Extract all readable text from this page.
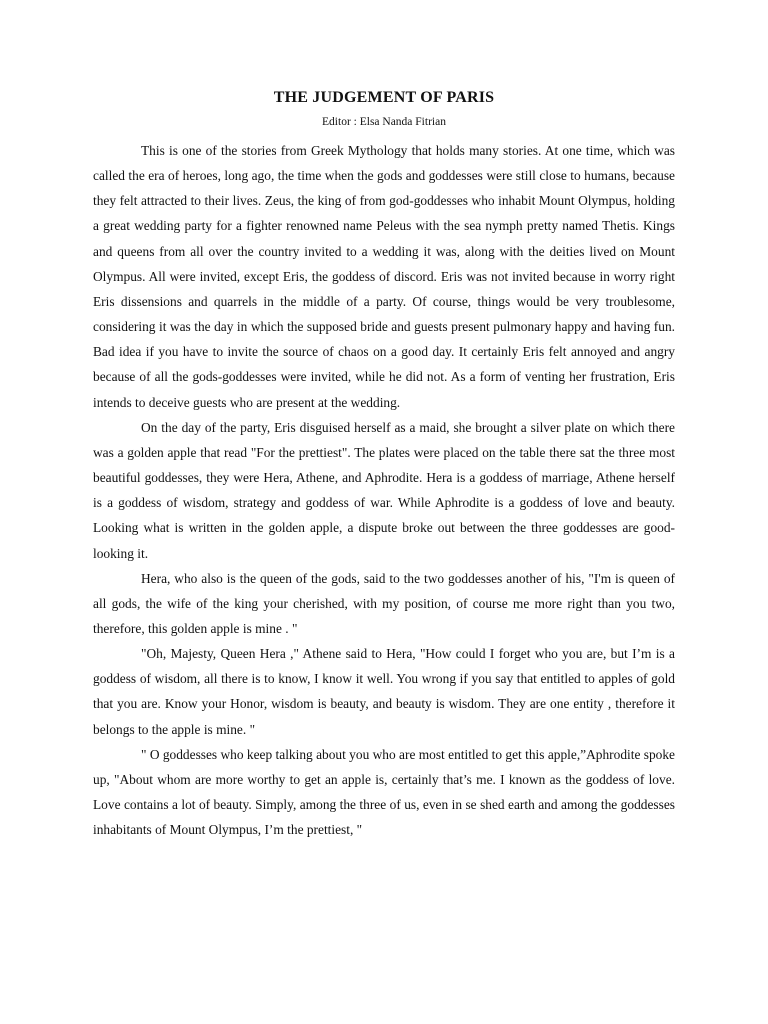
THE JUDGEMENT OF PARIS
Editor : Elsa Nanda Fitrian

This is one of the stories from Greek Mythology that holds many stories. At one time, which was called the era of heroes, long ago, the time when the gods and goddesses were still close to humans, because they felt attracted to their lives. Zeus, the king of from god-goddesses who inhabit Mount Olympus, holding a great wedding party for a fighter renowned name Peleus with the sea nymph pretty named Thetis. Kings and queens from all over the country invited to a wedding it was, along with the deities lived on Mount Olympus. All were invited, except Eris, the goddess of discord. Eris was not invited because in worry right Eris dissensions and quarrels in the middle of a party. Of course, things would be very troublesome, considering it was the day in which the supposed bride and guests present pulmonary happy and having fun. Bad idea if you have to invite the source of chaos on a good day. It certainly Eris felt annoyed and angry because of all the gods-goddesses were invited, while he did not. As a form of venting her frustration, Eris intends to deceive guests who are present at the wedding.

On the day of the party, Eris disguised herself as a maid, she brought a silver plate on which there was a golden apple that read "For the prettiest". The plates were placed on the table there sat the three most beautiful goddesses, they were Hera, Athene, and Aphrodite. Hera is a goddess of marriage, Athene herself is a goddess of wisdom, strategy and goddess of war. While Aphrodite is a goddess of love and beauty. Looking what is written in the golden apple, a dispute broke out between the three goddesses are good-looking it.

Hera, who also is the queen of the gods, said to the two goddesses another of his, "I'm is queen of all gods, the wife of the king your cherished, with my position, of course me more right than you two, therefore, this golden apple is mine . "

"Oh, Majesty, Queen Hera ," Athene said to Hera, "How could I forget who you are, but I’m is a goddess of wisdom, all there is to know, I know it well. You wrong if you say that entitled to apples of gold that you are. Know your Honor, wisdom is beauty, and beauty is wisdom. They are one entity , therefore it belongs to the apple is mine. "

" O goddesses who keep talking about you who are most entitled to get this apple,”Aphrodite spoke up, "About whom are more worthy to get an apple is, certainly that’s me. I known as the goddess of love. Love contains a lot of beauty. Simply, among the three of us, even in se shed earth and among the goddesses inhabitants of Mount Olympus, I’m the prettiest, "
